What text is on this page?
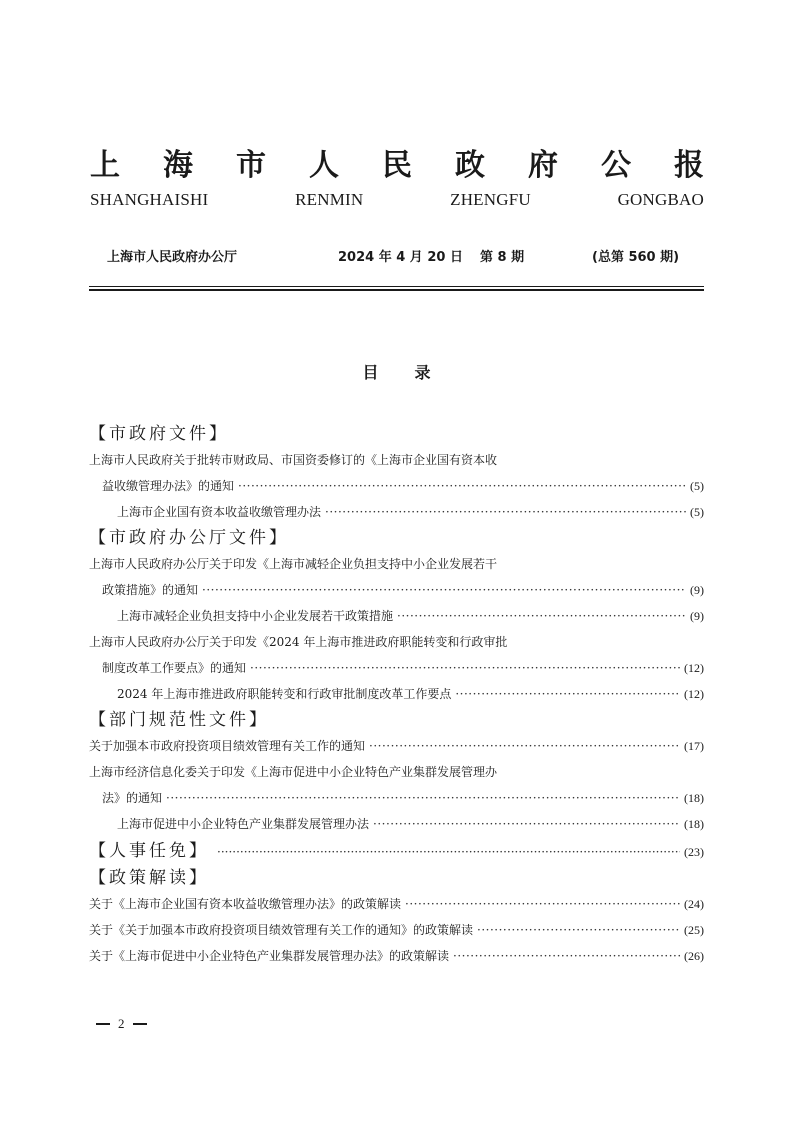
上 海 市 人 民 政 府 公 报
SHANGHAISHI	RENMIN	ZHENGFU	GONGBAO
上海市人民政府办公厅	2024 年 4 月 20 日 第 8 期	(总第 560 期)
目录
【市政府文件】
上海市人民政府关于批转市财政局、市国资委修订的《上海市企业国有资本收
益收缴管理办法》的通知 ·····	(5)
上海市企业国有资本收益收缴管理办法 ·····	(5)
【市政府办公厅文件】
上海市人民政府办公厅关于印发《上海市减轻企业负担支持中小企业发展若干
政策措施》的通知 ·····	(9)
上海市减轻企业负担支持中小企业发展若干政策措施 ·····	(9)
上海市人民政府办公厅关于印发《2024 年上海市推进政府职能转变和行政审批
制度改革工作要点》的通知 ·····	(12)
2024 年上海市推进政府职能转变和行政审批制度改革工作要点 ·····	(12)
【部门规范性文件】
关于加强本市政府投资项目绩效管理有关工作的通知 ·····	(17)
上海市经济信息化委关于印发《上海市促进中小企业特色产业集群发展管理办
法》的通知 ·····	(18)
上海市促进中小企业特色产业集群发展管理办法 ·····	(18)
【人事任免】 ·····	(23)
【政策解读】
关于《上海市企业国有资本收益收缴管理办法》的政策解读 ·····	(24)
关于《关于加强本市政府投资项目绩效管理有关工作的通知》的政策解读 ·····	(25)
关于《上海市促进中小企业特色产业集群发展管理办法》的政策解读 ·····	(26)
2
